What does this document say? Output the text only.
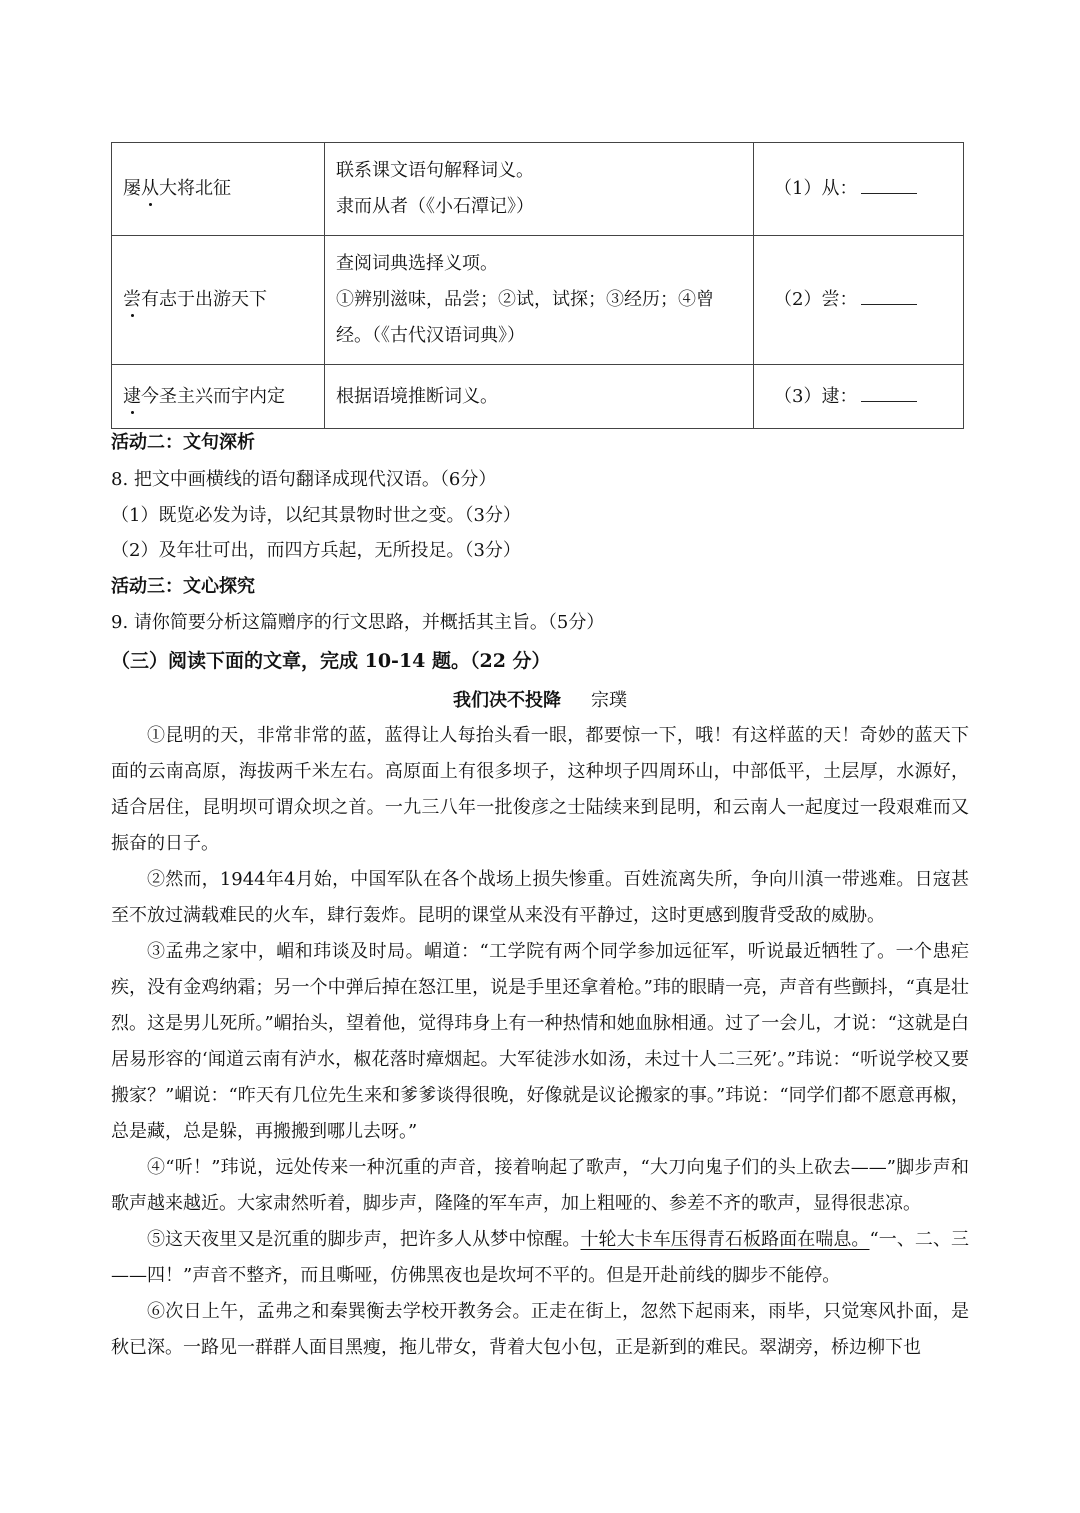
屡从大将北征	联系课文语句解释词义。
隶而从者（《小石潭记》）	（1）从：
尝有志于出游天下	查阅词典选择义项。
①辨别滋味，品尝；②试，试探；③经历；④曾
经。（《古代汉语词典》）	（2）尝：
逮今圣主兴而宇内定	根据语境推断词义。	（3）逮：
活动二：文句深析
8. 把文中画横线的语句翻译成现代汉语。（6分）
（1）既览必发为诗，以纪其景物时世之变。（3分）
（2）及年壮可出，而四方兵起，无所投足。（3分）
活动三：文心探究
9. 请你简要分析这篇赠序的行文思路，并概括其主旨。（5分）
（三）阅读下面的文章，完成 10-14 题。（22 分）
我们决不投降 宗璞

①昆明的天，非常非常的蓝，蓝得让人每抬头看一眼，都要惊一下，哦！有这样蓝的天！奇妙的蓝天下面的云南高原，海拔两千米左右。高原面上有很多坝子，这种坝子四周环山，中部低平，土层厚，水源好，适合居住，昆明坝可谓众坝之首。一九三八年一批俊彦之士陆续来到昆明，和云南人一起度过一段艰难而又振奋的日子。

②然而，1944年4月始，中国军队在各个战场上损失惨重。百姓流离失所，争向川滇一带逃难。日寇甚至不放过满载难民的火车，肆行轰炸。昆明的课堂从来没有平静过，这时更感到腹背受敌的威胁。

③孟弗之家中，嵋和玮谈及时局。嵋道：“工学院有两个同学参加远征军，听说最近牺牲了。一个患疟疾，没有金鸡纳霜；另一个中弹后掉在怒江里，说是手里还拿着枪。”玮的眼睛一亮，声音有些颤抖，“真是壮烈。这是男儿死所。”嵋抬头，望着他，觉得玮身上有一种热情和她血脉相通。过了一会儿，才说：“这就是白居易形容的‘闻道云南有泸水，椒花落时瘴烟起。大军徒涉水如汤，未过十人二三死’。”玮说：“听说学校又要搬家？”嵋说：“昨天有几位先生来和爹爹谈得很晚，好像就是议论搬家的事。”玮说：“同学们都不愿意再椒，总是藏，总是躲，再搬搬到哪儿去呀。”

④“听！”玮说，远处传来一种沉重的声音，接着响起了歌声，“大刀向鬼子们的头上砍去——”脚步声和歌声越来越近。大家肃然听着，脚步声，隆隆的军车声，加上粗哑的、参差不齐的歌声，显得很悲凉。

⑤这天夜里又是沉重的脚步声，把许多人从梦中惊醒。十轮大卡车压得青石板路面在喘息。“一、二、三——四！”声音不整齐，而且嘶哑，仿佛黑夜也是坎坷不平的。但是开赴前线的脚步不能停。

⑥次日上午，孟弗之和秦巽衡去学校开教务会。正走在街上，忽然下起雨来，雨毕，只觉寒风扑面，是秋已深。一路见一群群人面目黑瘦，拖儿带女，背着大包小包，正是新到的难民。翠湖旁，桥边柳下也
